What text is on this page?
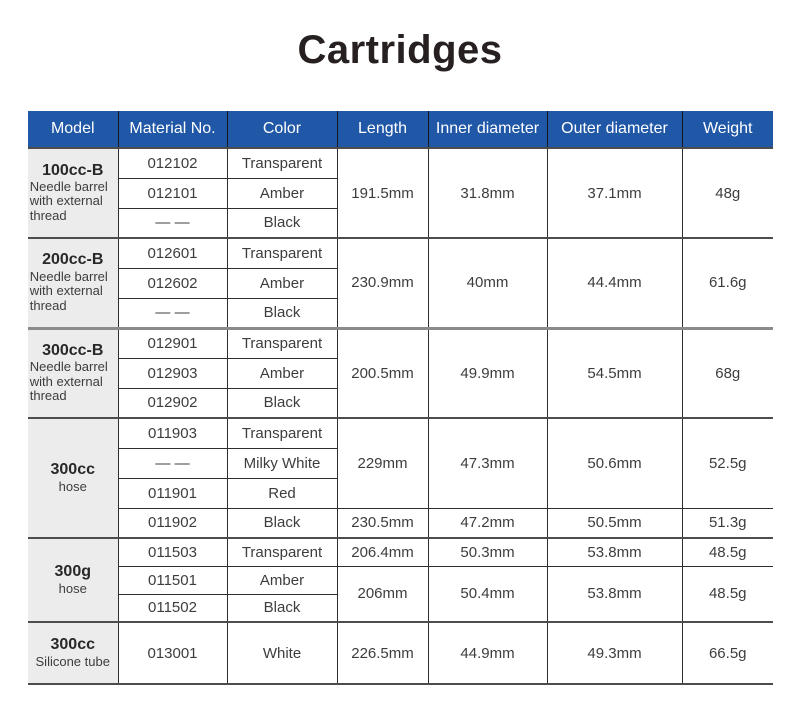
Cartridges
Model	Material No.	Color	Length	Inner diameter	Outer diameter	Weight

100cc-B
Needle barrel with external thread	012102	Transparent	191.5mm	31.8mm	37.1mm	48g
	012101	Amber				
	— —	Black				

200cc-B
Needle barrel with external thread	012601	Transparent	230.9mm	40mm	44.4mm	61.6g
	012602	Amber				
	— —	Black				

300cc-B
Needle barrel with external thread	012901	Transparent	200.5mm	49.9mm	54.5mm	68g
	012903	Amber				
	012902	Black				

300cc
hose	011903	Transparent	229mm	47.3mm	50.6mm	52.5g
	— —	Milky White				
	011901	Red				
	011902	Black	230.5mm	47.2mm	50.5mm	51.3g

300g
hose	011503	Transparent	206.4mm	50.3mm	53.8mm	48.5g
	011501	Amber	206mm	50.4mm	53.8mm	48.5g
	011502	Black				

300cc
Silicone tube	013001	White	226.5mm	44.9mm	49.3mm	66.5g
